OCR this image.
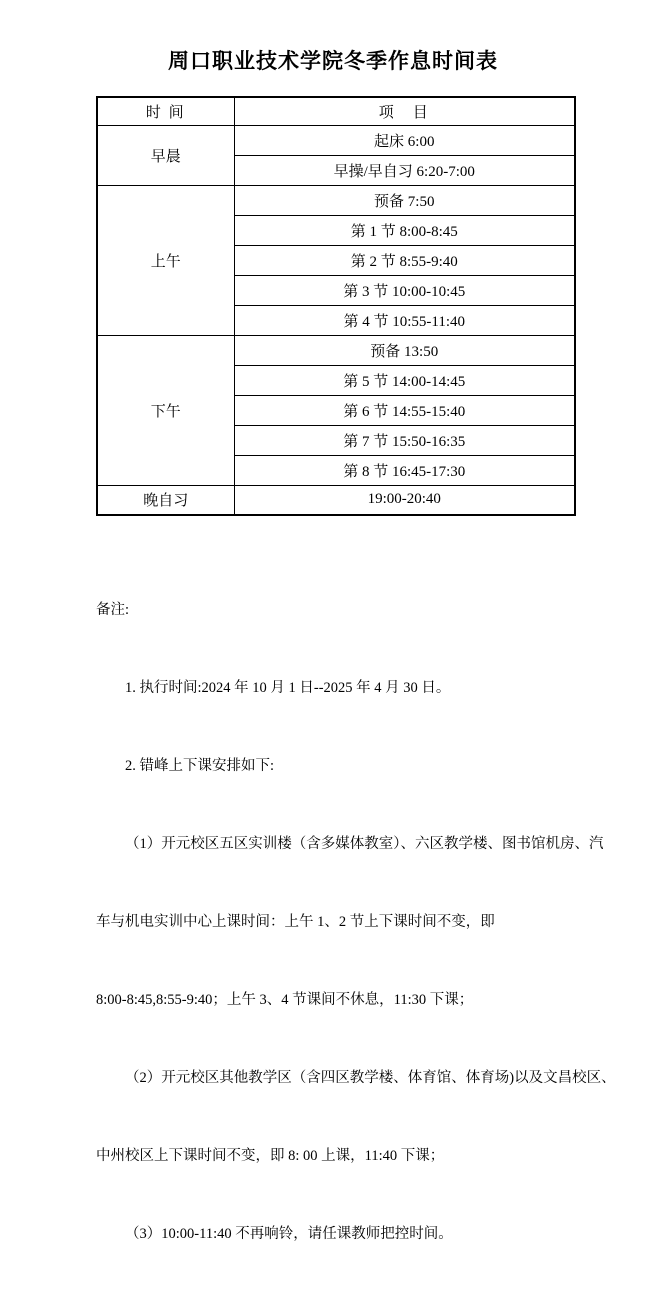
周口职业技术学院冬季作息时间表
时 间	项　目
早晨	起床 6:00
	早操/早自习 6:20-7:00
上午	预备 7:50
	第 1 节 8:00-8:45
	第 2 节 8:55-9:40
	第 3 节 10:00-10:45
	第 4 节 10:55-11:40
下午	预备 13:50
	第 5 节 14:00-14:45
	第 6 节 14:55-15:40
	第 7 节 15:50-16:35
	第 8 节 16:45-17:30
晚自习	19:00-20:40

备注:

1. 执行时间:2024 年 10 月 1 日--2025 年 4 月 30 日。

2. 错峰上下课安排如下:

（1）开元校区五区实训楼（含多媒体教室）、六区教学楼、图书馆机房、汽

车与机电实训中心上课时间：上午 1、2 节上下课时间不变，即

8:00-8:45,8:55-9:40；上午 3、4 节课间不休息，11:30 下课；

（2）开元校区其他教学区（含四区教学楼、体育馆、体育场)以及文昌校区、

中州校区上下课时间不变，即 8: 00 上课，11:40 下课；

（3）10:00-11:40 不再响铃，请任课教师把控时间。
